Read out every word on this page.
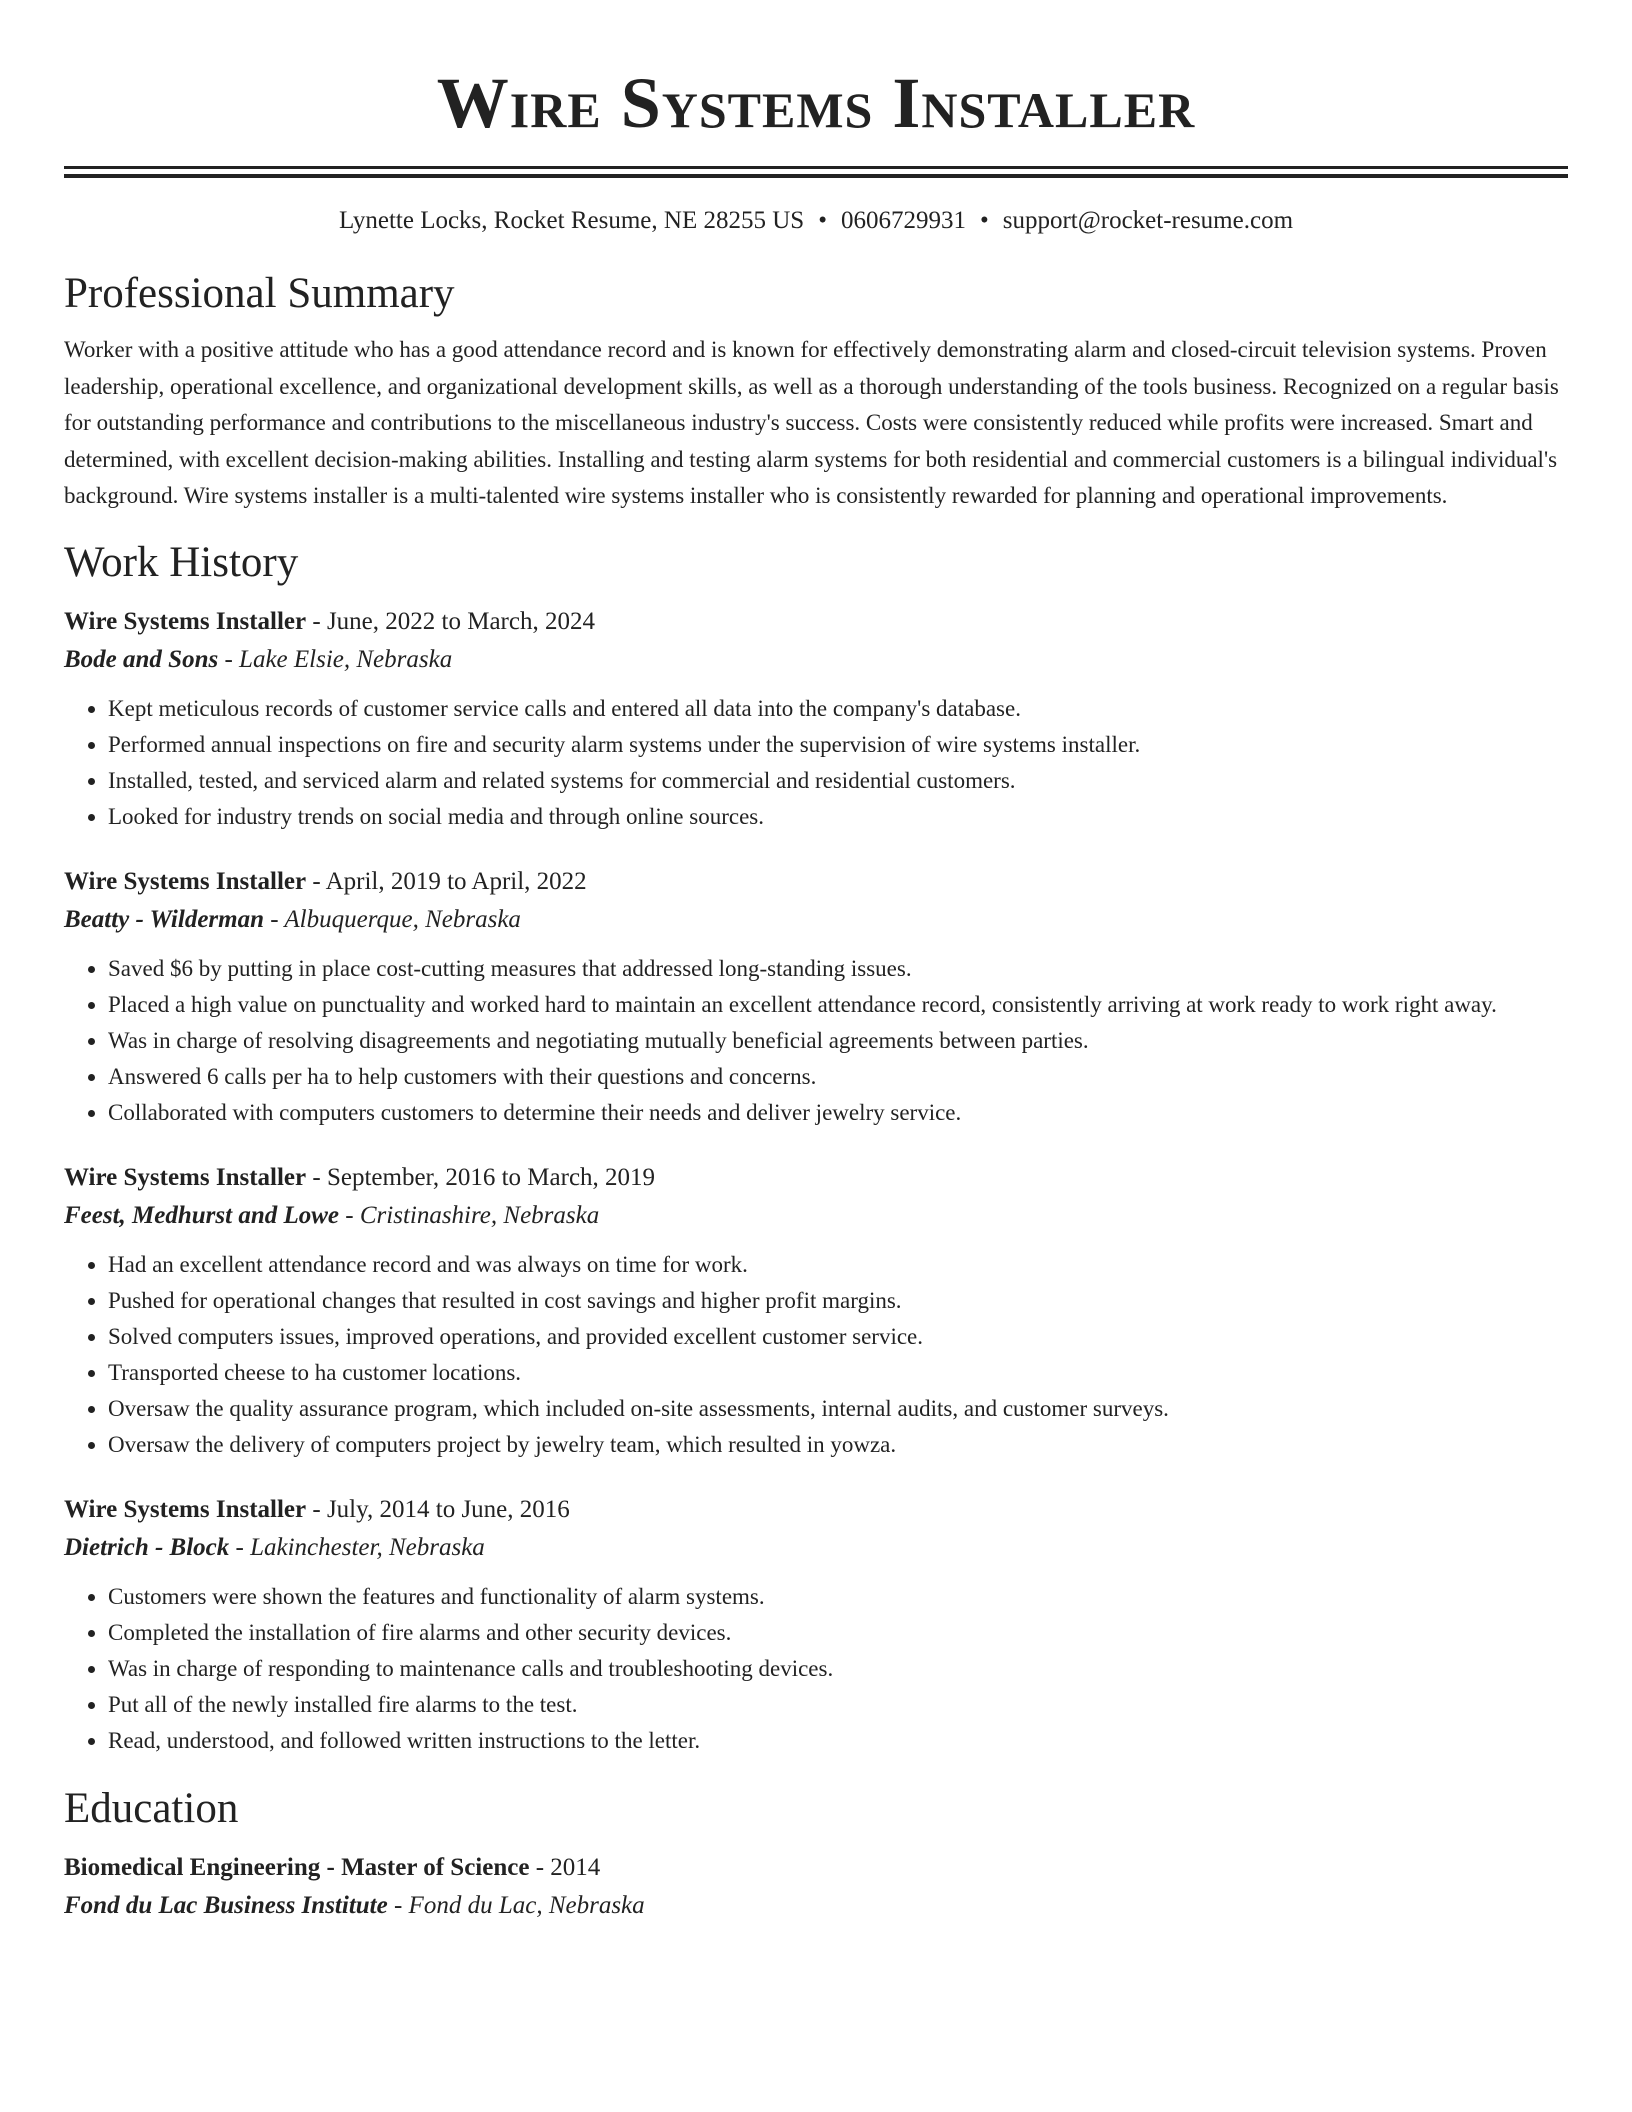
Wire Systems Installer
Lynette Locks, Rocket Resume, NE 28255 US • 0606729931 • support@rocket-resume.com
Professional Summary

Worker with a positive attitude who has a good attendance record and is known for effectively demonstrating alarm and closed-circuit television systems. Proven leadership, operational excellence, and organizational development skills, as well as a thorough understanding of the tools business. Recognized on a regular basis for outstanding performance and contributions to the miscellaneous industry's success. Costs were consistently reduced while profits were increased. Smart and determined, with excellent decision-making abilities. Installing and testing alarm systems for both residential and commercial customers is a bilingual individual's background. Wire systems installer is a multi-talented wire systems installer who is consistently rewarded for planning and operational improvements.

Work History
Wire Systems Installer - June, 2022 to March, 2024
Bode and Sons - Lake Elsie, Nebraska
• Kept meticulous records of customer service calls and entered all data into the company's database.
• Performed annual inspections on fire and security alarm systems under the supervision of wire systems installer.
• Installed, tested, and serviced alarm and related systems for commercial and residential customers.
• Looked for industry trends on social media and through online sources.
Wire Systems Installer - April, 2019 to April, 2022
Beatty - Wilderman - Albuquerque, Nebraska
• Saved $6 by putting in place cost-cutting measures that addressed long-standing issues.
• Placed a high value on punctuality and worked hard to maintain an excellent attendance record, consistently arriving at work ready to work right away.
• Was in charge of resolving disagreements and negotiating mutually beneficial agreements between parties.
• Answered 6 calls per ha to help customers with their questions and concerns.
• Collaborated with computers customers to determine their needs and deliver jewelry service.
Wire Systems Installer - September, 2016 to March, 2019
Feest, Medhurst and Lowe - Cristinashire, Nebraska
• Had an excellent attendance record and was always on time for work.
• Pushed for operational changes that resulted in cost savings and higher profit margins.
• Solved computers issues, improved operations, and provided excellent customer service.
• Transported cheese to ha customer locations.
• Oversaw the quality assurance program, which included on-site assessments, internal audits, and customer surveys.
• Oversaw the delivery of computers project by jewelry team, which resulted in yowza.
Wire Systems Installer - July, 2014 to June, 2016
Dietrich - Block - Lakinchester, Nebraska
• Customers were shown the features and functionality of alarm systems.
• Completed the installation of fire alarms and other security devices.
• Was in charge of responding to maintenance calls and troubleshooting devices.
• Put all of the newly installed fire alarms to the test.
• Read, understood, and followed written instructions to the letter.
Education
Biomedical Engineering - Master of Science - 2014
Fond du Lac Business Institute - Fond du Lac, Nebraska
